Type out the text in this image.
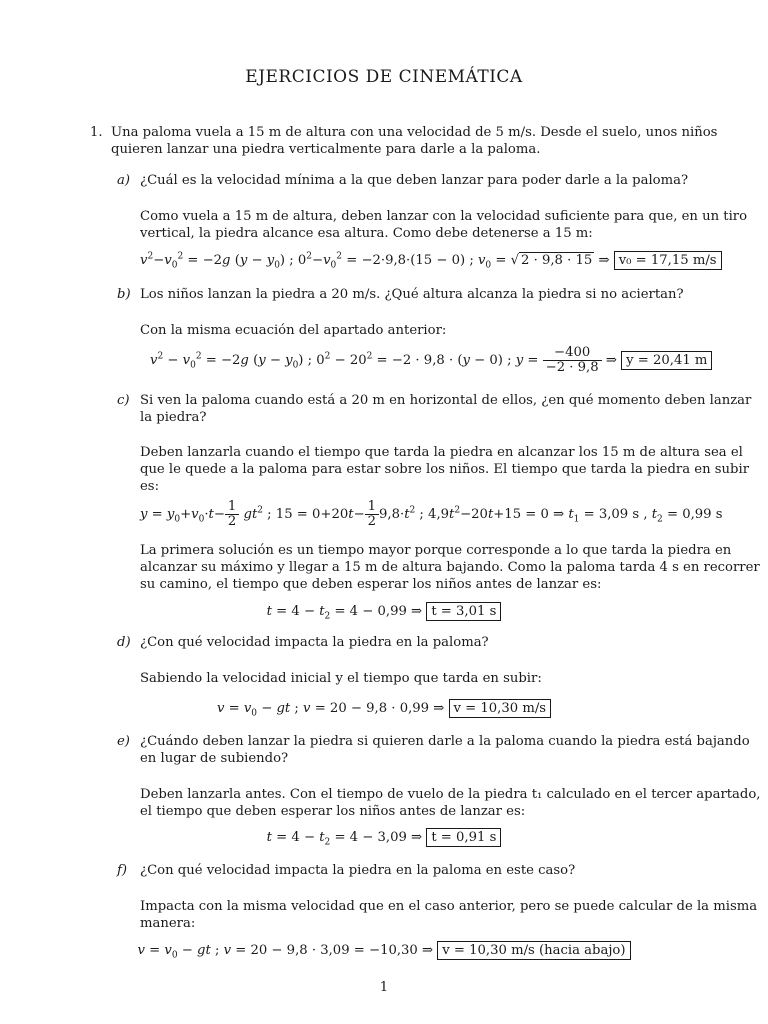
EJERCICIOS DE CINEMÁTICA
1. Una paloma vuela a 15 m de altura con una velocidad de 5 m/s. Desde el suelo, unos niños
quieren lanzar una piedra verticalmente para darle a la paloma.
a) ¿Cuál es la velocidad mínima a la que deben lanzar para poder darle a la paloma?
Como vuela a 15 m de altura, deben lanzar con la velocidad suficiente para que, en un tiro
vertical, la piedra alcance esa altura. Como debe detenerse a 15 m:
$v^2-v_0^2 = -2g$ $(y - y_0)$ ; $0^2-v_0^2 = -2\cdot 9,8\cdot(15 - 0)$ ; $v_0$ = √ 2 · 9,8 · 15 ⇒ v₀ = 17,15 m/s
b) Los niños lanzan la piedra a 20 m/s. ¿Qué altura alcanza la piedra si no aciertan?
Con la misma ecuación del apartado anterior:
$v^2 - v_0^2 = -2g$ $(y - y_0)$ ; $0^2 - 20^2 = -2 \cdot 9,8 \cdot (y - 0)$ ; $y = \frac{-400}{-2 \cdot 9,8}$ ⇒ y = 20,41 m
c) Si ven la paloma cuando está a 20 m en horizontal de ellos, ¿en qué momento deben lanzar
la piedra?
Deben lanzarla cuando el tiempo que tarda la piedra en alcanzar los 15 m de altura sea el
que le quede a la paloma para estar sobre los niños. El tiempo que tarda la piedra en subir
es:
$y = y_0+v_0\cdot t- \frac{1}{2} gt^2$ ; $15 = 0+20t- \frac{1}{2} 9,8\cdot t^2$ ; $4,9t^2-20t+15 = 0$ ⇒ $t_1 = 3,09$ s , $t_2 = 0,99$ s
La primera solución es un tiempo mayor porque corresponde a lo que tarda la piedra en
alcanzar su máximo y llegar a 15 m de altura bajando. Como la paloma tarda 4 s en recorrer
su camino, el tiempo que deben esperar los niños antes de lanzar es:
$t = 4 - t_2 = 4 - 0,99$ ⇒ t = 3,01 s
d) ¿Con qué velocidad impacta la piedra en la paloma?
Sabiendo la velocidad inicial y el tiempo que tarda en subir:
$v = v_0$ − gt ; v = 20 − 9,8 · 0,99 ⇒ v = 10,30 m/s
e) ¿Cuándo deben lanzar la piedra si quieren darle a la paloma cuando la piedra está bajando
en lugar de subiendo?
Deben lanzarla antes. Con el tiempo de vuelo de la piedra t₁ calculado en el tercer apartado,
el tiempo que deben esperar los niños antes de lanzar es:
$t = 4 - t_2 = 4 - 3,09$ ⇒ t = 0,91 s
f) ¿Con qué velocidad impacta la piedra en la paloma en este caso?
Impacta con la misma velocidad que en el caso anterior, pero se puede calcular de la misma
manera:
$v = v_0$ − gt ; v = 20 − 9,8 · 3,09 = −10,30 ⇒ v = 10,30 m/s (hacia abajo)
1
